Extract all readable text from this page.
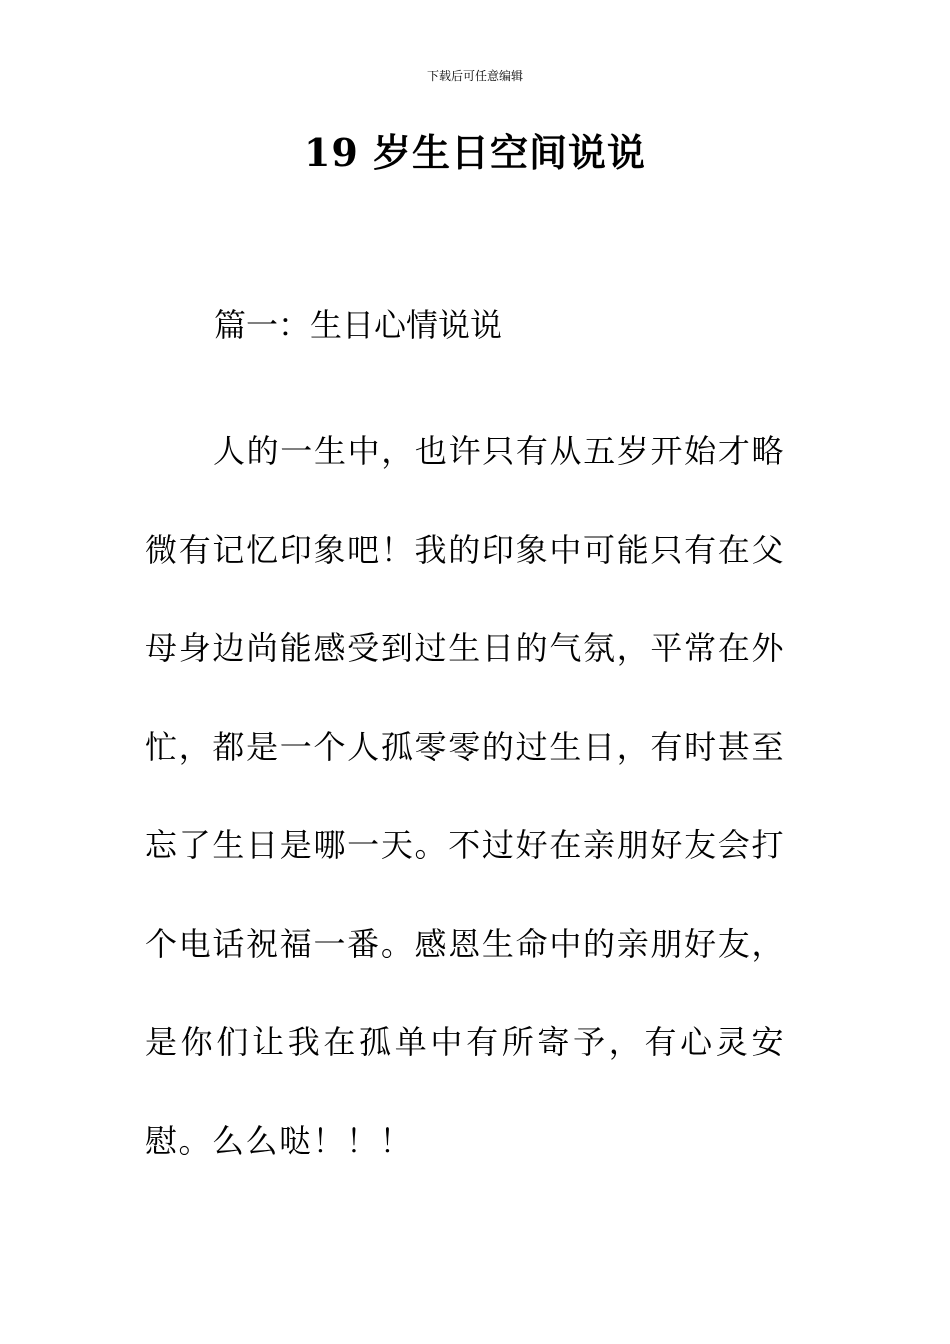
下载后可任意编辑
19 岁生日空间说说
篇一：生日心情说说

人的一生中，也许只有从五岁开始才略微有记忆印象吧！我的印象中可能只有在父母身边尚能感受到过生日的气氛，平常在外忙，都是一个人孤零零的过生日，有时甚至忘了生日是哪一天。不过好在亲朋好友会打个电话祝福一番。感恩生命中的亲朋好友，是你们让我在孤单中有所寄予，有心灵安慰。么么哒！！！
